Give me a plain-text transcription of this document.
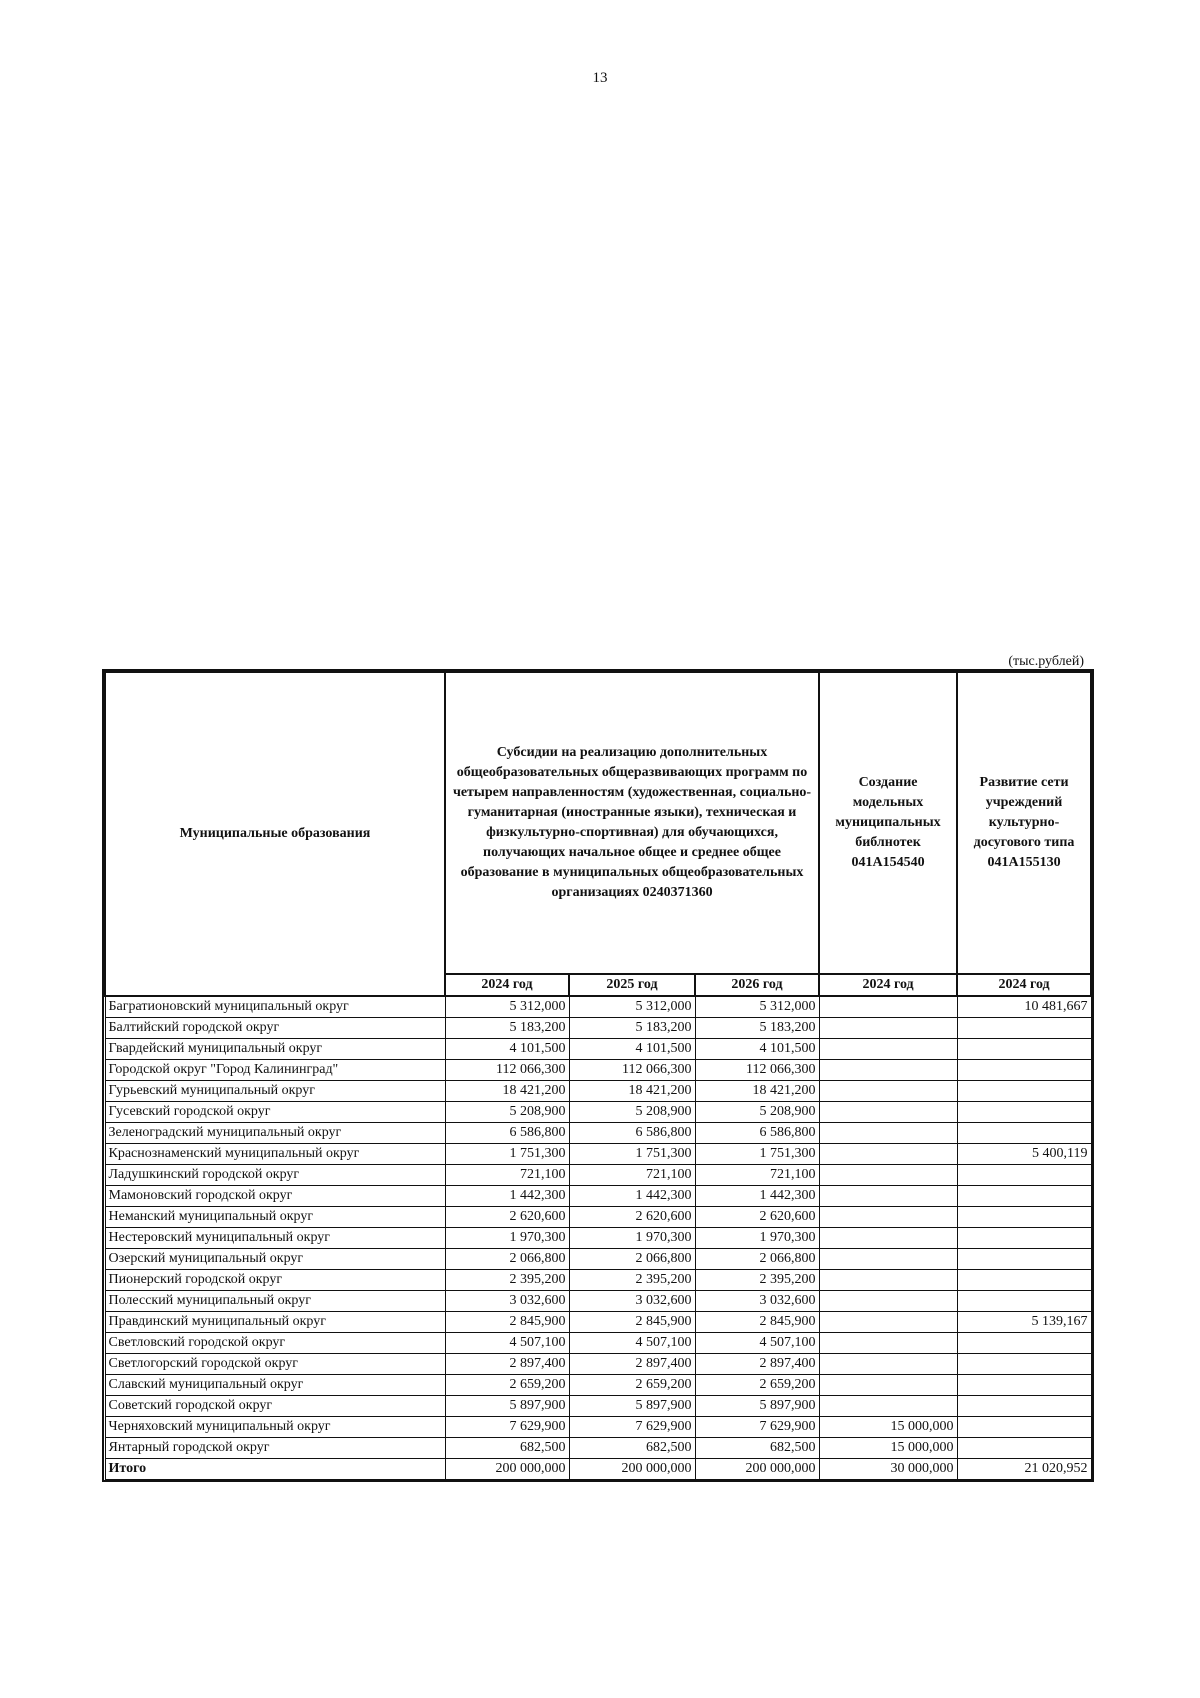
13
(тыс.рублей)
Муниципальные образования	Субсидии на реализацию дополнительных общеобразовательных общеразвивающих программ по четырем направленностям (художественная, социально-гуманитарная (иностранные языки), техническая и физкультурно-спортивная) для обучающихся, получающих начальное общее и среднее общее образование в муниципальных общеобразовательных организациях 0240371360			Создание модельных муниципальных библнотек 041А154540	Развитие сети учреждений культурно-досугового типа 041А155130
	2024 год	2025 год	2026 год	2024 год	2024 год
Багратионовский муниципальный округ	5 312,000	5 312,000	5 312,000		10 481,667
Балтийский городской округ	5 183,200	5 183,200	5 183,200		
Гвардейский муниципальный округ	4 101,500	4 101,500	4 101,500		
Городской округ "Город Калининград"	112 066,300	112 066,300	112 066,300		
Гурьевский муниципальный округ	18 421,200	18 421,200	18 421,200		
Гусевский городской округ	5 208,900	5 208,900	5 208,900		
Зеленоградский муниципальный округ	6 586,800	6 586,800	6 586,800		
Краснознаменский муниципальный округ	1 751,300	1 751,300	1 751,300		5 400,119
Ладушкинский городской округ	721,100	721,100	721,100		
Мамоновский городской округ	1 442,300	1 442,300	1 442,300		
Неманский муниципальный округ	2 620,600	2 620,600	2 620,600		
Нестеровский муниципальный округ	1 970,300	1 970,300	1 970,300		
Озерский муниципальный округ	2 066,800	2 066,800	2 066,800		
Пионерский городской округ	2 395,200	2 395,200	2 395,200		
Полесский муниципальный округ	3 032,600	3 032,600	3 032,600		
Правдинский муниципальный округ	2 845,900	2 845,900	2 845,900		5 139,167
Светловский городской округ	4 507,100	4 507,100	4 507,100		
Светлогорский городской округ	2 897,400	2 897,400	2 897,400		
Славский муниципальный округ	2 659,200	2 659,200	2 659,200		
Советский городской округ	5 897,900	5 897,900	5 897,900		
Черняховский муниципальный округ	7 629,900	7 629,900	7 629,900	15 000,000	
Янтарный городской округ	682,500	682,500	682,500	15 000,000	
Итого	200 000,000	200 000,000	200 000,000	30 000,000	21 020,952
